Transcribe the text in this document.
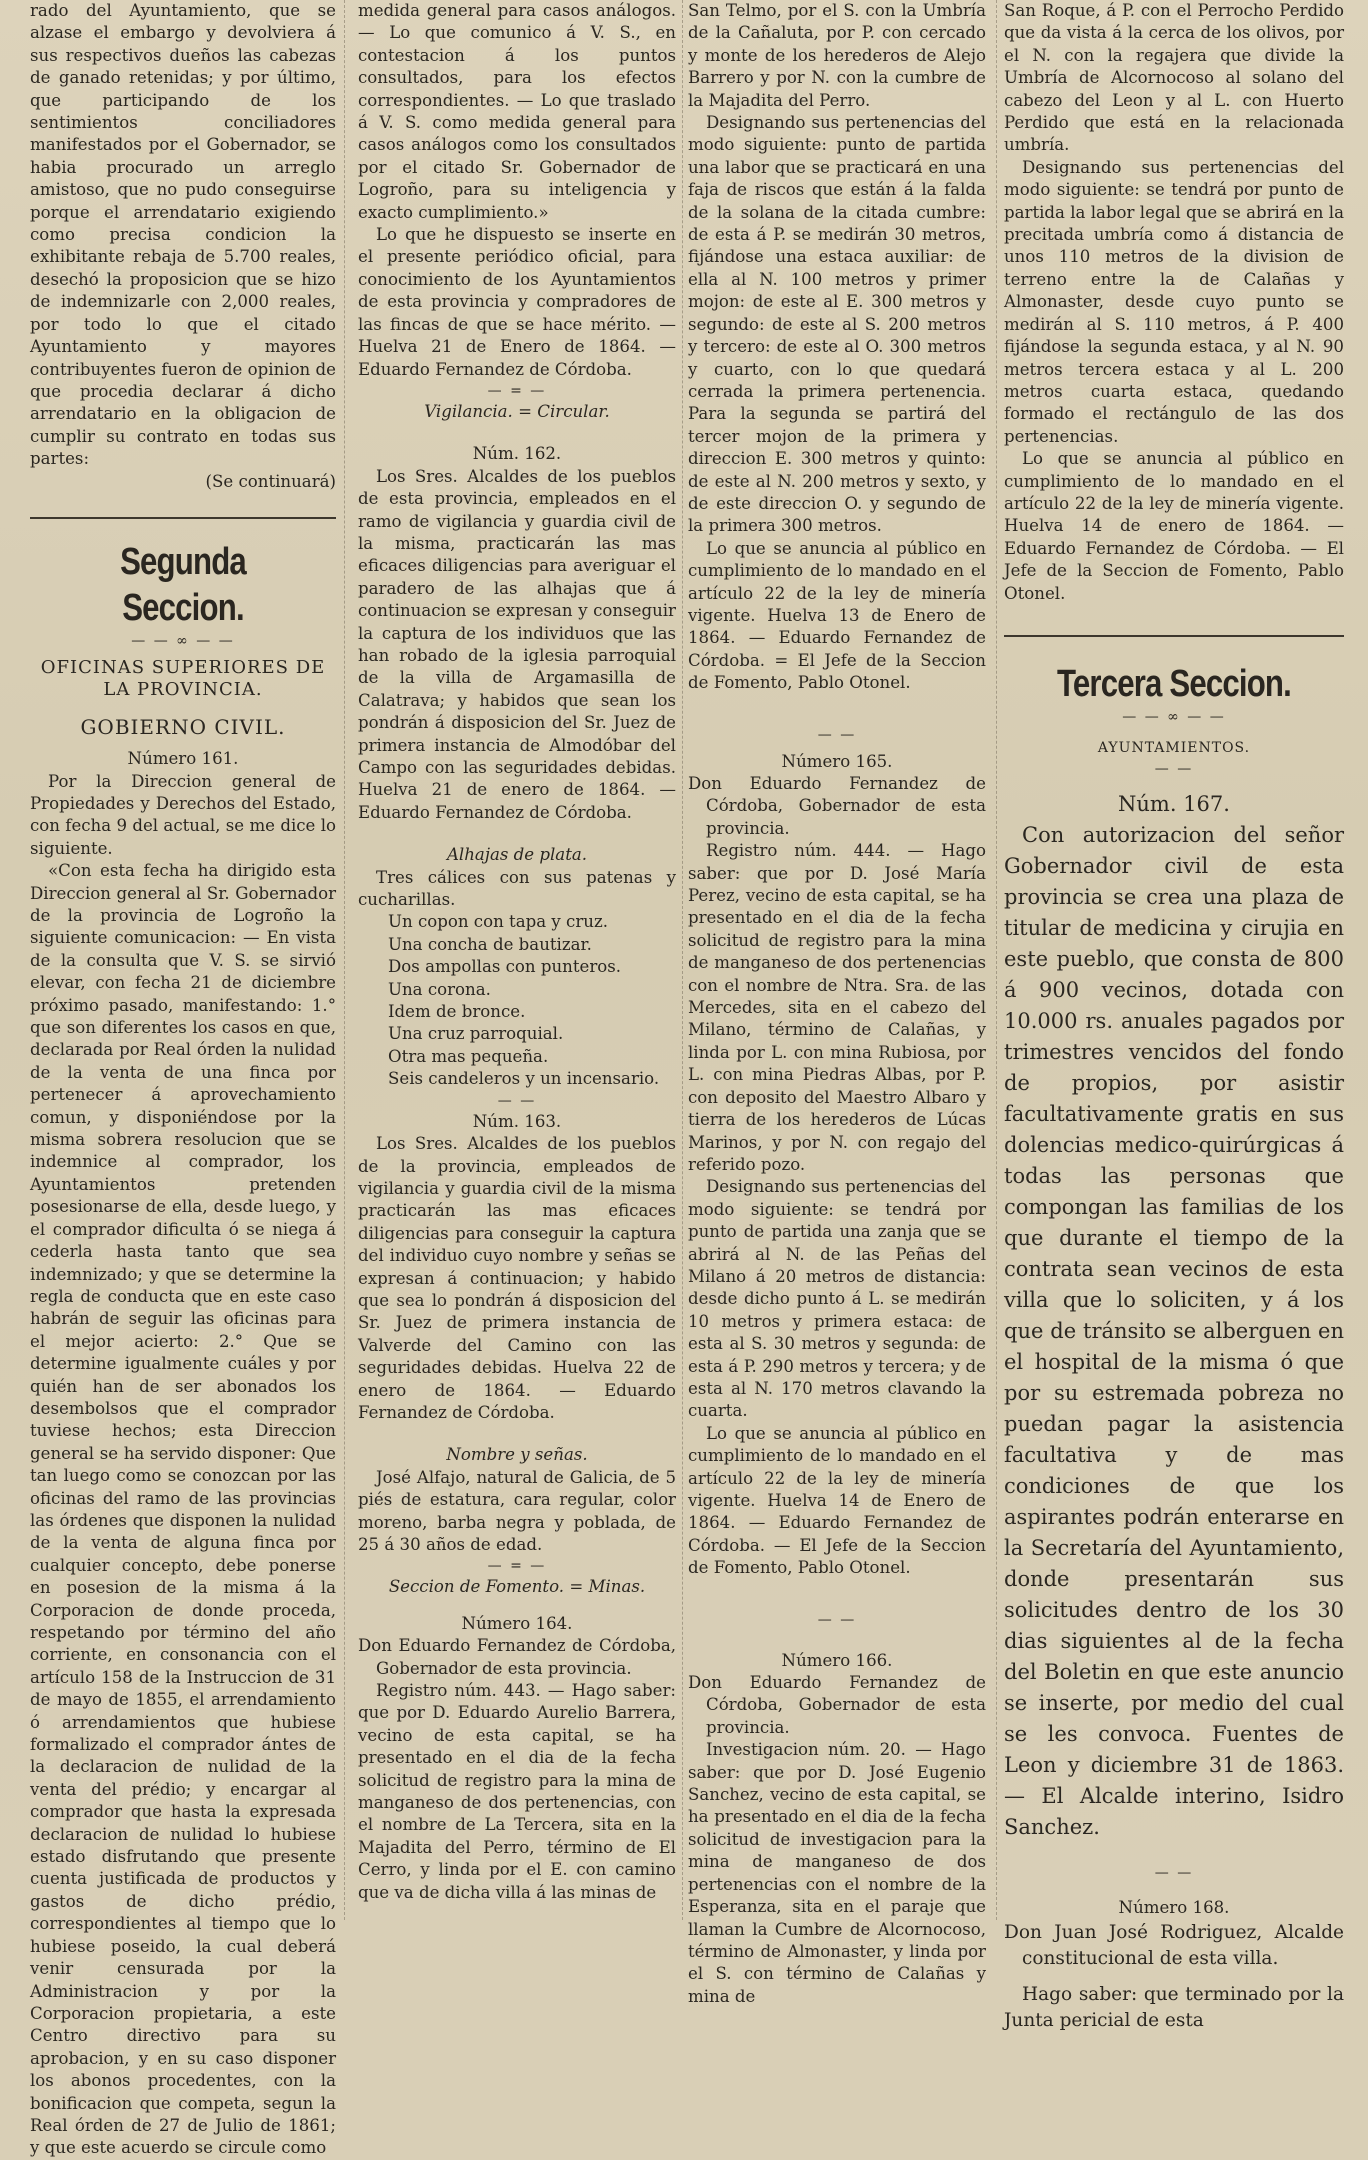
rado del Ayuntamiento, que se alzase el embargo y devolviera á sus respectivos dueños las cabezas de ganado retenidas; y por último, que participando de los sentimientos conciliadores manifestados por el Gobernador, se habia procurado un arreglo amistoso, que no pudo conseguirse porque el arrendatario exigiendo como precisa condicion la exhibitante rebaja de 5.700 reales, desechó la proposicion que se hizo de indemnizarle con 2,000 reales, por todo lo que el citado Ayuntamiento y mayores contribuyentes fueron de opinion de que procedia declarar á dicho arrendatario en la obligacion de cumplir su contrato en todas sus partes:

(Se continuará)

Segunda Seccion.
— — ∞ — —

OFICINAS SUPERIORES DE LA PROVINCIA.

GOBIERNO CIVIL.

Número 161.

Por la Direccion general de Propiedades y Derechos del Estado, con fecha 9 del actual, se me dice lo siguiente.

«Con esta fecha ha dirigido esta Direccion general al Sr. Gobernador de la provincia de Logroño la siguiente comunicacion: — En vista de la consulta que V. S. se sirvió elevar, con fecha 21 de diciembre próximo pasado, manifestando: 1.° que son diferentes los casos en que, declarada por Real órden la nulidad de la venta de una finca por pertenecer á aprovechamiento comun, y disponiéndose por la misma sobrera resolucion que se indemnice al comprador, los Ayuntamientos pretenden posesionarse de ella, desde luego, y el comprador dificulta ó se niega á cederla hasta tanto que sea indemnizado; y que se determine la regla de conducta que en este caso habrán de seguir las oficinas para el mejor acierto: 2.° Que se determine igualmente cuáles y por quién han de ser abonados los desembolsos que el comprador tuviese hechos; esta Direccion general se ha servido disponer: Que tan luego como se conozcan por las oficinas del ramo de las provincias las órdenes que disponen la nulidad de la venta de alguna finca por cualquier concepto, debe ponerse en posesion de la misma á la Corporacion de donde proceda, respetando por término del año corriente, en consonancia con el artículo 158 de la Instruccion de 31 de mayo de 1855, el arrendamiento ó arrendamientos que hubiese formalizado el comprador ántes de la declaracion de nulidad de la venta del prédio; y encargar al comprador que hasta la expresada declaracion de nulidad lo hubiese estado disfrutando que presente cuenta justificada de productos y gastos de dicho prédio, correspondientes al tiempo que lo hubiese poseido, la cual deberá venir censurada por la Administracion y por la Corporacion propietaria, a este Centro directivo para su aprobacion, y en su caso disponer los abonos procedentes, con la bonificacion que competa, segun la Real órden de 27 de Julio de 1861; y que este acuerdo se circule como

medida general para casos análogos. — Lo que comunico á V. S., en contestacion á los puntos consultados, para los efectos correspondientes. — Lo que traslado á V. S. como medida general para casos análogos como los consultados por el citado Sr. Gobernador de Logroño, para su inteligencia y exacto cumplimiento.»

Lo que he dispuesto se inserte en el presente periódico oficial, para conocimiento de los Ayuntamientos de esta provincia y compradores de las fincas de que se hace mérito. — Huelva 21 de Enero de 1864. — Eduardo Fernandez de Córdoba.

— = —

Vigilancia. = Circular.

Núm. 162.

Los Sres. Alcaldes de los pueblos de esta provincia, empleados en el ramo de vigilancia y guardia civil de la misma, practicarán las mas eficaces diligencias para averiguar el paradero de las alhajas que á continuacion se expresan y conseguir la captura de los individuos que las han robado de la iglesia parroquial de la villa de Argamasilla de Calatrava; y habidos que sean los pondrán á disposicion del Sr. Juez de primera instancia de Almodóbar del Campo con las seguridades debidas. Huelva 21 de enero de 1864. — Eduardo Fernandez de Córdoba.

Alhajas de plata.

Tres cálices con sus patenas y cucharillas.

Un copon con tapa y cruz.

Una concha de bautizar.

Dos ampollas con punteros.

Una corona.

Idem de bronce.

Una cruz parroquial.

Otra mas pequeña.

Seis candeleros y un incensario.

— —

Núm. 163.

Los Sres. Alcaldes de los pueblos de la provincia, empleados de vigilancia y guardia civil de la misma practicarán las mas eficaces diligencias para conseguir la captura del individuo cuyo nombre y señas se expresan á continuacion; y habido que sea lo pondrán á disposicion del Sr. Juez de primera instancia de Valverde del Camino con las seguridades debidas. Huelva 22 de enero de 1864. — Eduardo Fernandez de Córdoba.

Nombre y señas.

José Alfajo, natural de Galicia, de 5 piés de estatura, cara regular, color moreno, barba negra y poblada, de 25 á 30 años de edad.

— = —

Seccion de Fomento. = Minas.

Número 164.

Don Eduardo Fernandez de Córdoba, Gobernador de esta provincia.

Registro núm. 443. — Hago saber: que por D. Eduardo Aurelio Barrera, vecino de esta capital, se ha presentado en el dia de la fecha solicitud de registro para la mina de manganeso de dos pertenencias, con el nombre de La Tercera, sita en la Majadita del Perro, término de El Cerro, y linda por el E. con camino que va de dicha villa á las minas de

San Telmo, por el S. con la Umbría de la Cañaluta, por P. con cercado y monte de los herederos de Alejo Barrero y por N. con la cumbre de la Majadita del Perro.

Designando sus pertenencias del modo siguiente: punto de partida una labor que se practicará en una faja de riscos que están á la falda de la solana de la citada cumbre: de esta á P. se medirán 30 metros, fijándose una estaca auxiliar: de ella al N. 100 metros y primer mojon: de este al E. 300 metros y segundo: de este al S. 200 metros y tercero: de este al O. 300 metros y cuarto, con lo que quedará cerrada la primera pertenencia. Para la segunda se partirá del tercer mojon de la primera y direccion E. 300 metros y quinto: de este al N. 200 metros y sexto, y de este direccion O. y segundo de la primera 300 metros.

Lo que se anuncia al público en cumplimiento de lo mandado en el artículo 22 de la ley de minería vigente. Huelva 13 de Enero de 1864. — Eduardo Fernandez de Córdoba. = El Jefe de la Seccion de Fomento, Pablo Otonel.

— —

Número 165.

Don Eduardo Fernandez de Córdoba, Gobernador de esta provincia.

Registro núm. 444. — Hago saber: que por D. José María Perez, vecino de esta capital, se ha presentado en el dia de la fecha solicitud de registro para la mina de manganeso de dos pertenencias con el nombre de Ntra. Sra. de las Mercedes, sita en el cabezo del Milano, término de Calañas, y linda por L. con mina Rubiosa, por L. con mina Piedras Albas, por P. con deposito del Maestro Albaro y tierra de los herederos de Lúcas Marinos, y por N. con regajo del referido pozo.

Designando sus pertenencias del modo siguiente: se tendrá por punto de partida una zanja que se abrirá al N. de las Peñas del Milano á 20 metros de distancia: desde dicho punto á L. se medirán 10 metros y primera estaca: de esta al S. 30 metros y segunda: de esta á P. 290 metros y tercera; y de esta al N. 170 metros clavando la cuarta.

Lo que se anuncia al público en cumplimiento de lo mandado en el artículo 22 de la ley de minería vigente. Huelva 14 de Enero de 1864. — Eduardo Fernandez de Córdoba. — El Jefe de la Seccion de Fomento, Pablo Otonel.

— —

Número 166.

Don Eduardo Fernandez de Córdoba, Gobernador de esta provincia.

Investigacion núm. 20. — Hago saber: que por D. José Eugenio Sanchez, vecino de esta capital, se ha presentado en el dia de la fecha solicitud de investigacion para la mina de manganeso de dos pertenencias con el nombre de la Esperanza, sita en el paraje que llaman la Cumbre de Alcornocoso, término de Almonaster, y linda por el S. con término de Calañas y mina de

San Roque, á P. con el Perrocho Perdido que da vista á la cerca de los olivos, por el N. con la regajera que divide la Umbría de Alcornocoso al solano del cabezo del Leon y al L. con Huerto Perdido que está en la relacionada umbría.

Designando sus pertenencias del modo siguiente: se tendrá por punto de partida la labor legal que se abrirá en la precitada umbría como á distancia de unos 110 metros de la division de terreno entre la de Calañas y Almonaster, desde cuyo punto se medirán al S. 110 metros, á P. 400 fijándose la segunda estaca, y al N. 90 metros tercera estaca y al L. 200 metros cuarta estaca, quedando formado el rectángulo de las dos pertenencias.

Lo que se anuncia al público en cumplimiento de lo mandado en el artículo 22 de la ley de minería vigente. Huelva 14 de enero de 1864. — Eduardo Fernandez de Córdoba. — El Jefe de la Seccion de Fomento, Pablo Otonel.

Tercera Seccion.
— — ∞ — —

AYUNTAMIENTOS.

— —

Núm. 167.

Con autorizacion del señor Gobernador civil de esta provincia se crea una plaza de titular de medicina y cirujia en este pueblo, que consta de 800 á 900 vecinos, dotada con 10.000 rs. anuales pagados por trimestres vencidos del fondo de propios, por asistir facultativamente gratis en sus dolencias medico-quirúrgicas á todas las personas que compongan las familias de los que durante el tiempo de la contrata sean vecinos de esta villa que lo soliciten, y á los que de tránsito se alberguen en el hospital de la misma ó que por su estremada pobreza no puedan pagar la asistencia facultativa y de mas condiciones de que los aspirantes podrán enterarse en la Secretaría del Ayuntamiento, donde presentarán sus solicitudes dentro de los 30 dias siguientes al de la fecha del Boletin en que este anuncio se inserte, por medio del cual se les convoca. Fuentes de Leon y diciembre 31 de 1863. — El Alcalde interino, Isidro Sanchez.

— —

Número 168.

Don Juan José Rodriguez, Alcalde constitucional de esta villa.

Hago saber: que terminado por la Junta pericial de esta
